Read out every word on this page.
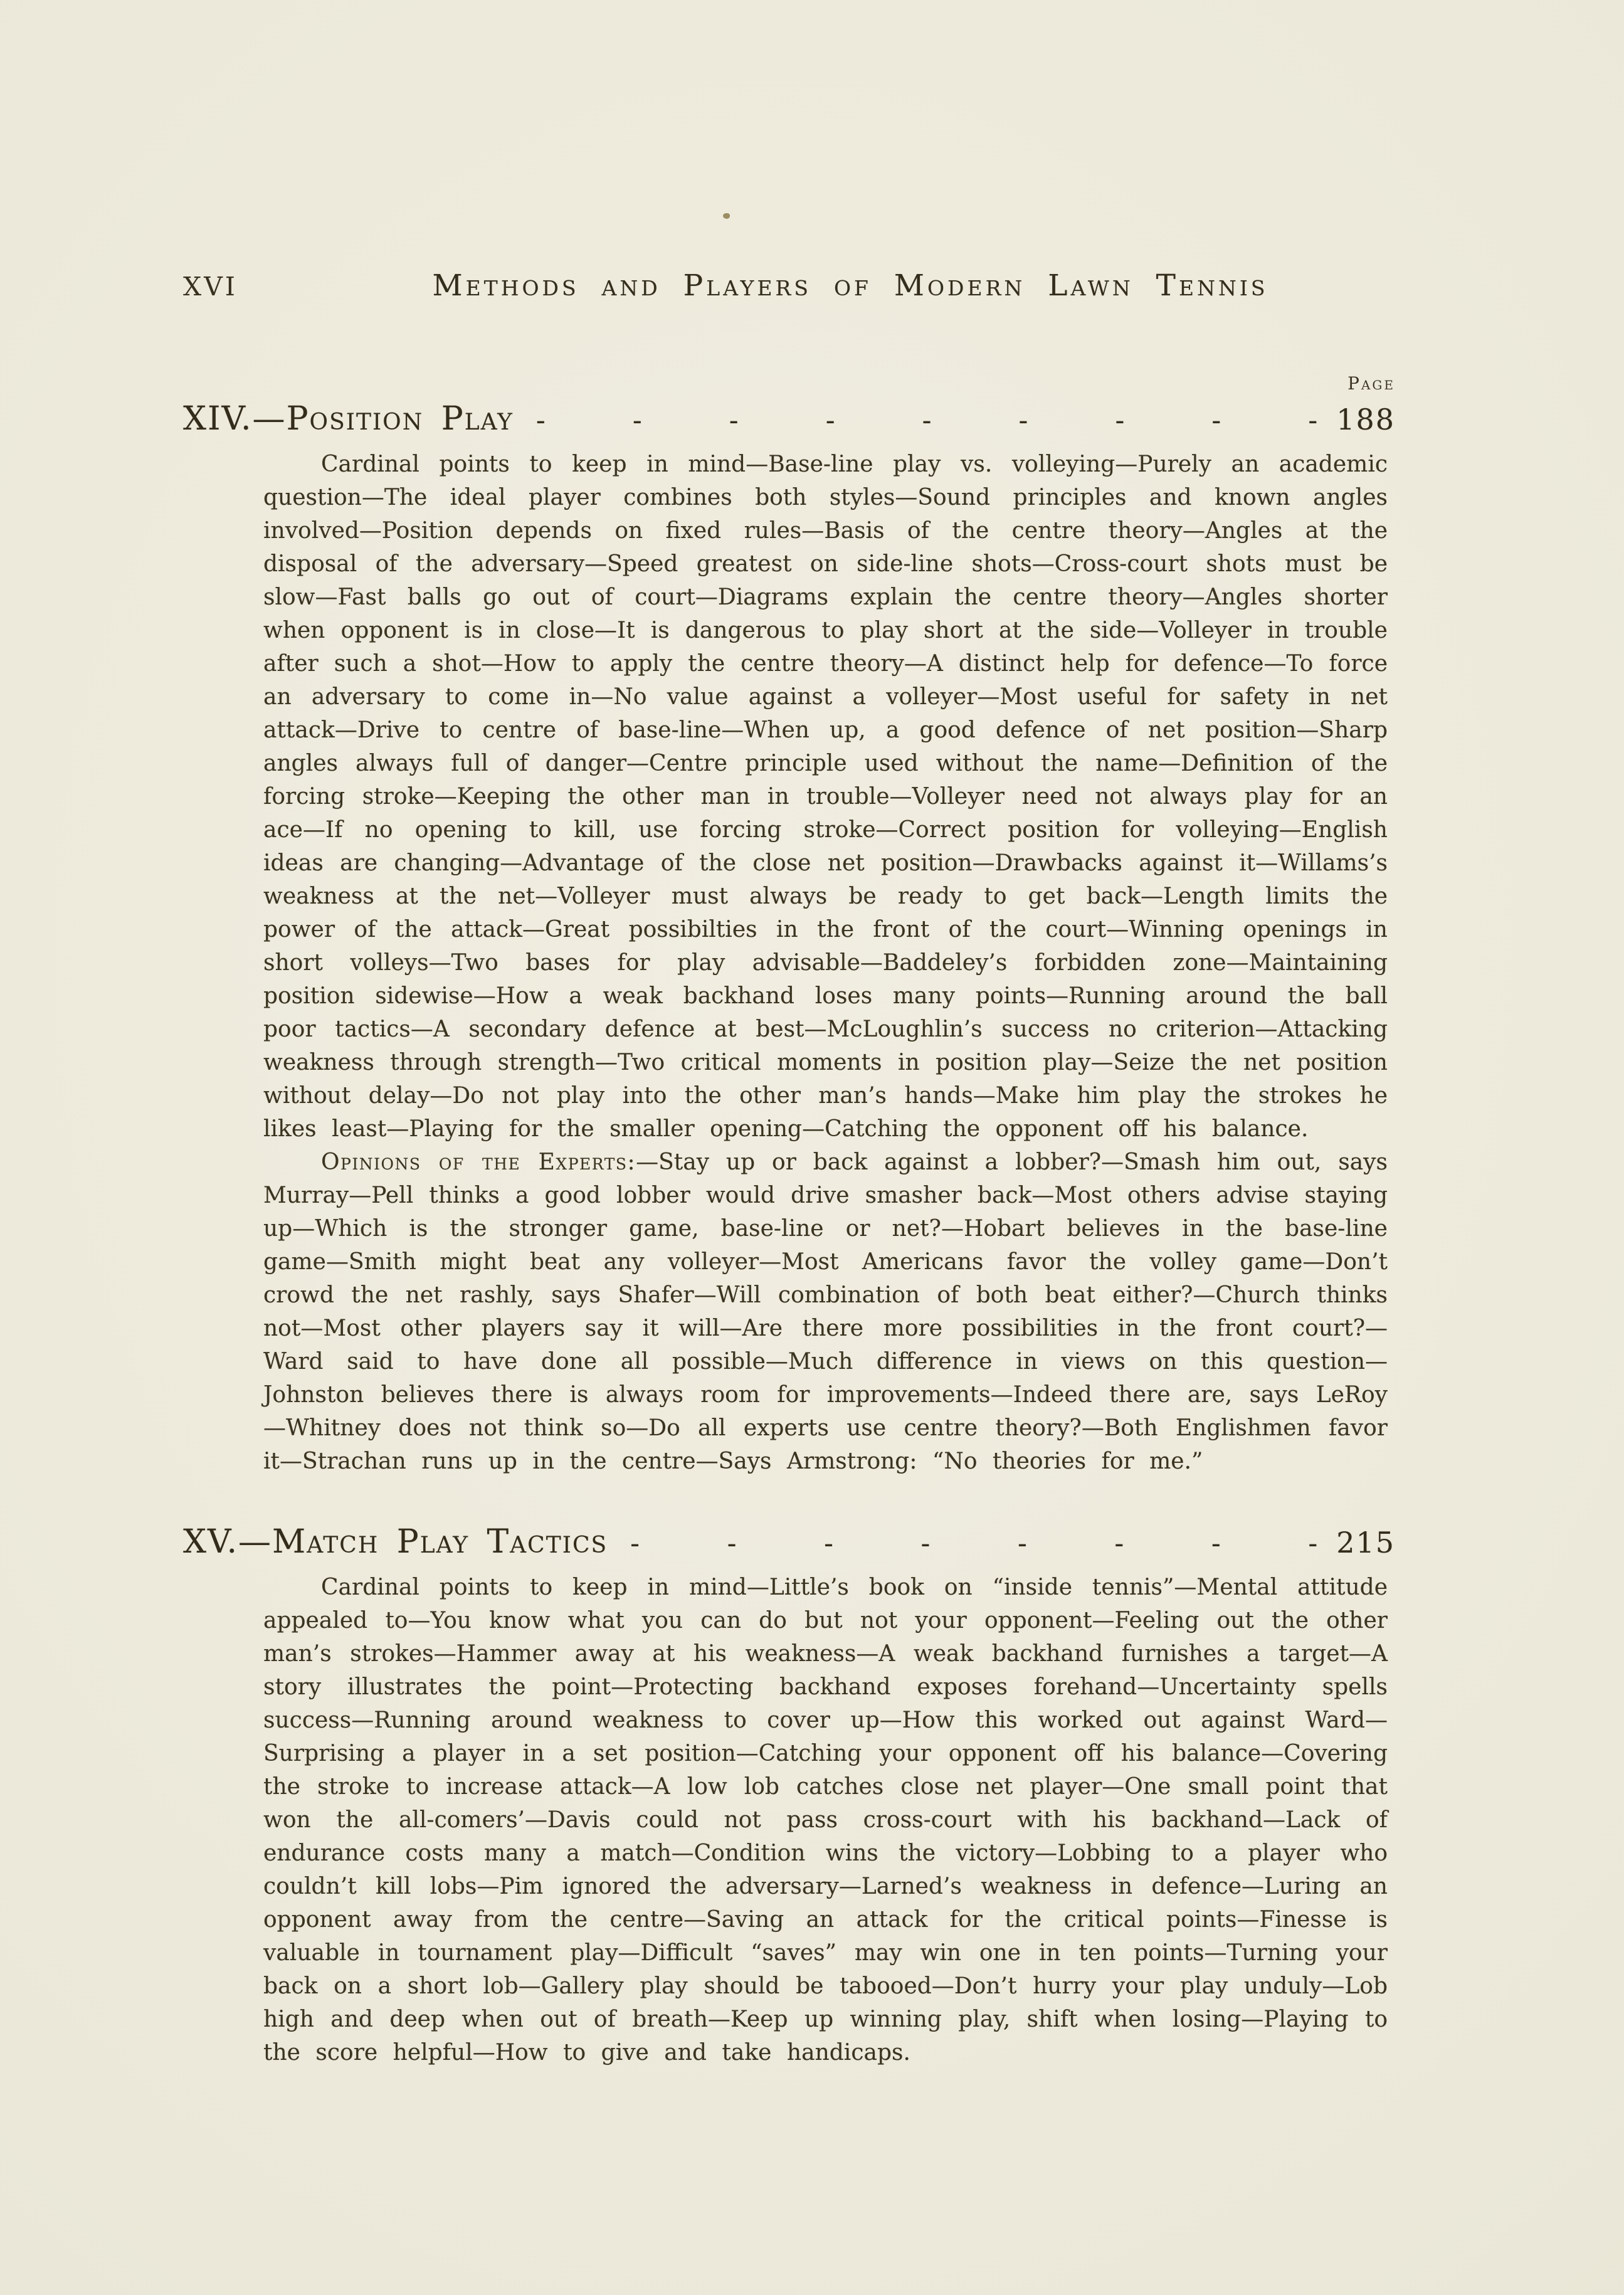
XVI	Methods and Players of Modern Lawn Tennis
Page
XIV.— Position Play - - - - - - - - - 188

Cardinal points to keep in mind—Base-line play vs. volleying—Purely an academic question—The ideal player combines both styles—Sound principles and known angles involved—Position depends on fixed rules—Basis of the centre theory—Angles at the disposal of the adversary—Speed greatest on side-line shots—Cross-court shots must be slow—Fast balls go out of court—Diagrams explain the centre theory—Angles shorter when opponent is in close—It is dangerous to play short at the side—Volleyer in trouble after such a shot—How to apply the centre theory—A distinct help for defence—To force an adversary to come in—No value against a volleyer—Most useful for safety in net attack—Drive to centre of base-line—When up, a good defence of net position—Sharp angles always full of danger—Centre principle used without the name—Definition of the forcing stroke—Keeping the other man in trouble—Volleyer need not always play for an ace—If no opening to kill, use forcing stroke—Correct position for volleying—English ideas are changing—Advantage of the close net position—Drawbacks against it—Willams’s weakness at the net—Volleyer must always be ready to get back—Length limits the power of the attack—Great possibilties in the front of the court—Winning openings in short volleys—Two bases for play advisable—Baddeley’s forbidden zone—Maintaining position sidewise—How a weak backhand loses many points—Running around the ball poor tactics—A secondary defence at best—McLoughlin’s success no criterion—Attacking weakness through strength—Two critical moments in position play—Seize the net position without delay—Do not play into the other man’s hands—Make him play the strokes he likes least—Playing for the smaller opening—Catching the opponent off his balance.

Opinions of the Experts:—Stay up or back against a lobber?—Smash him out, says Murray—Pell thinks a good lobber would drive smasher back—Most others advise staying up—Which is the stronger game, base-line or net?—Hobart believes in the base-line game—Smith might beat any volleyer—Most Americans favor the volley game—Don’t crowd the net rashly, says Shafer—Will combination of both beat either?—Church thinks not—Most other players say it will—Are there more possibilities in the front court?—Ward said to have done all possible—Much difference in views on this question—Johnston believes there is always room for improvements—Indeed there are, says LeRoy—Whitney does not think so—Do all experts use centre theory?—Both Englishmen favor it—Strachan runs up in the centre—Says Armstrong: “No theories for me.”

XV.— Match Play Tactics - - - - - - - - 215

Cardinal points to keep in mind—Little’s book on “inside tennis”—Mental attitude appealed to—You know what you can do but not your opponent—Feeling out the other man’s strokes—Hammer away at his weakness—A weak backhand furnishes a target—A story illustrates the point—Protecting backhand exposes forehand—Uncertainty spells success—Running around weakness to cover up—How this worked out against Ward—Surprising a player in a set position—Catching your opponent off his balance—Covering the stroke to increase attack—A low lob catches close net player—One small point that won the all-comers’—Davis could not pass cross-court with his backhand—Lack of endurance costs many a match—Condition wins the victory—Lobbing to a player who couldn’t kill lobs—Pim ignored the adversary—Larned’s weakness in defence—Luring an opponent away from the centre—Saving an attack for the critical points—Finesse is valuable in tournament play—Difficult “saves” may win one in ten points—Turning your back on a short lob—Gallery play should be tabooed—Don’t hurry your play unduly—Lob high and deep when out of breath—Keep up winning play, shift when losing—Playing to the score helpful—How to give and take handicaps.
